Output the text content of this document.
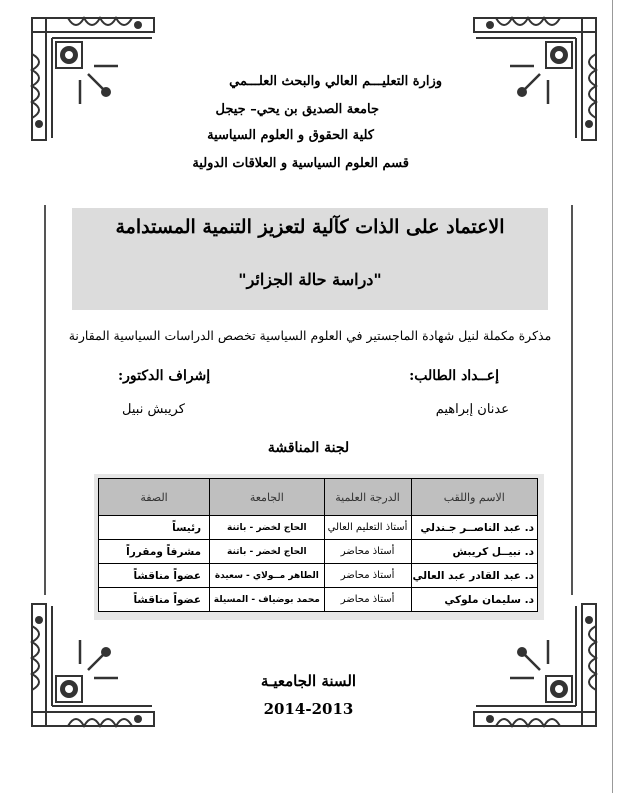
وزارة التعليـــم العالي والبحث العلـــمي
جامعة الصديق بن يحي– جيجل
كلية الحقوق و العلوم السياسية
قسم العلوم السياسية و العلاقات الدولية
الاعتماد على الذات كآلية لتعزيز التنمية المستدامة
"دراسة حالة الجزائر"
مذكرة مكملة لنيل شهادة الماجستير في العلوم السياسية تخصص الدراسات السياسية المقارنة
إعــداد الطالب:
إشراف الدكتور:
عدنان إبراهيم
كريبش نبيل
لجنة المناقشة
الاسم واللقب	الدرجة العلمية	الجامعة	الصفة
د. عبد الناصــر جـندلي	أستاذ التعليم العالي	الحاج لخضر - باتنة	رئيساً
د. نبيــل كريبش	أستاذ محاضر	الحاج لخضر - باتنة	مشرفاً ومقرراً
د. عبد القادر عبد العالي	أستاذ محاضر	الطاهر مــولاي - سعيدة	عضواً مناقشاً
د. سليمان ملوكي	أستاذ محاضر	محمد بوضياف - المسيلة	عضواً مناقشاً
السنة الجامعيـة
2014-2013
